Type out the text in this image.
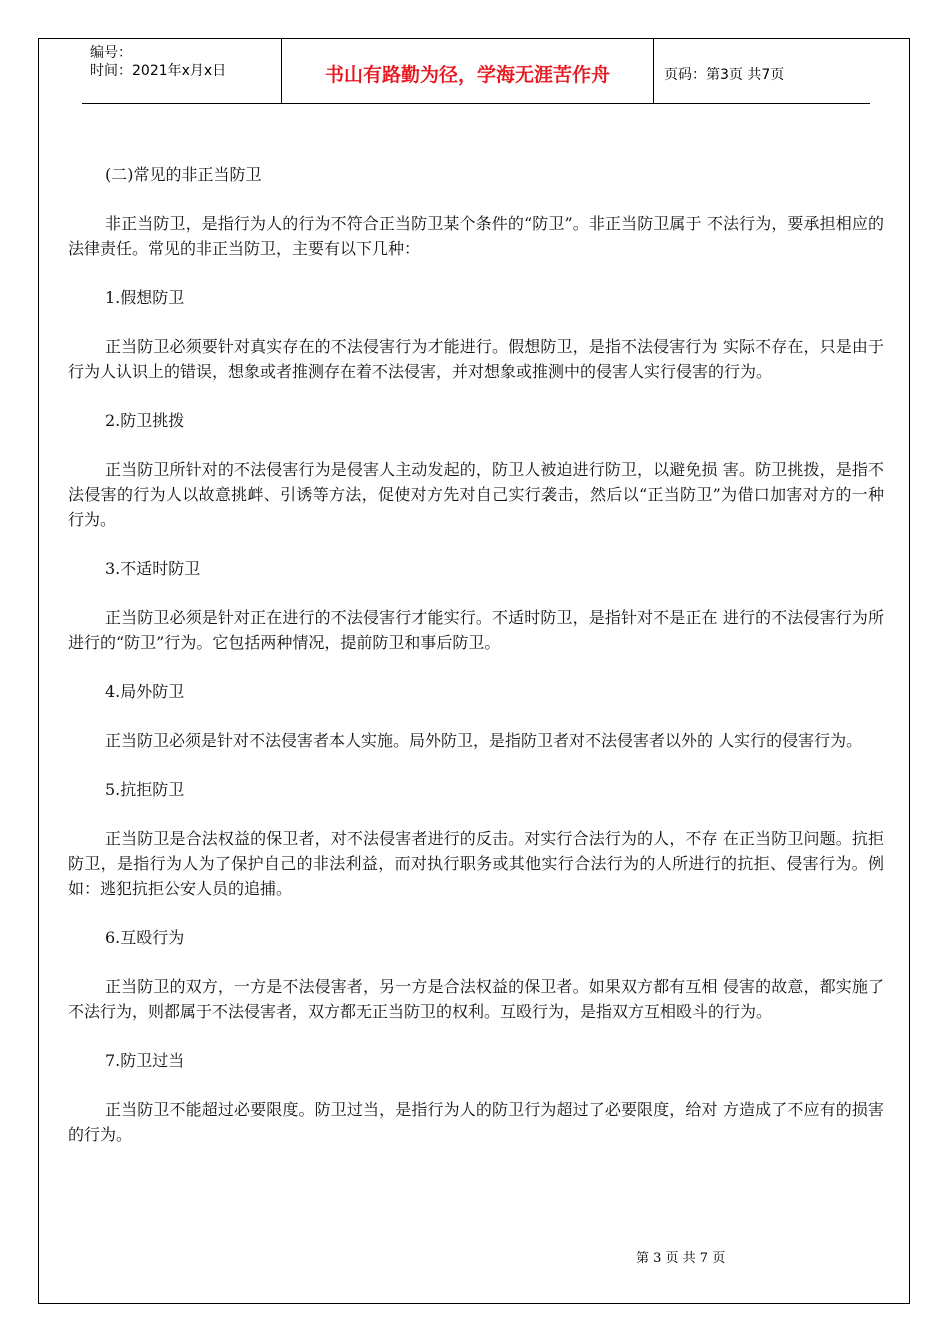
编号：
时间：2021年x月x日	书山有路勤为径，学海无涯苦作舟	页码：第3页 共7页

(二)常见的非正当防卫

非正当防卫，是指行为人的行为不符合正当防卫某个条件的“防卫”。非正当防卫属于 不法行为，要承担相应的法律责任。常见的非正当防卫，主要有以下几种：

1.假想防卫

正当防卫必须要针对真实存在的不法侵害行为才能进行。假想防卫，是指不法侵害行为 实际不存在，只是由于行为人认识上的错误，想象或者推测存在着不法侵害，并对想象或推测中的侵害人实行侵害的行为。

2.防卫挑拨

正当防卫所针对的不法侵害行为是侵害人主动发起的，防卫人被迫进行防卫，以避免损 害。防卫挑拨，是指不法侵害的行为人以故意挑衅、引诱等方法，促使对方先对自己实行袭击，然后以“正当防卫”为借口加害对方的一种行为。

3.不适时防卫

正当防卫必须是针对正在进行的不法侵害行才能实行。不适时防卫，是指针对不是正在 进行的不法侵害行为所进行的“防卫”行为。它包括两种情况，提前防卫和事后防卫。

4.局外防卫

正当防卫必须是针对不法侵害者本人实施。局外防卫，是指防卫者对不法侵害者以外的 人实行的侵害行为。

5.抗拒防卫

正当防卫是合法权益的保卫者，对不法侵害者进行的反击。对实行合法行为的人，不存 在正当防卫问题。抗拒防卫，是指行为人为了保护自己的非法利益，而对执行职务或其他实行合法行为的人所进行的抗拒、侵害行为。例如：逃犯抗拒公安人员的追捕。

6.互殴行为

正当防卫的双方，一方是不法侵害者，另一方是合法权益的保卫者。如果双方都有互相 侵害的故意，都实施了不法行为，则都属于不法侵害者，双方都无正当防卫的权利。互殴行为，是指双方互相殴斗的行为。

7.防卫过当

正当防卫不能超过必要限度。防卫过当，是指行为人的防卫行为超过了必要限度，给对 方造成了不应有的损害的行为。

第 3 页 共 7 页
